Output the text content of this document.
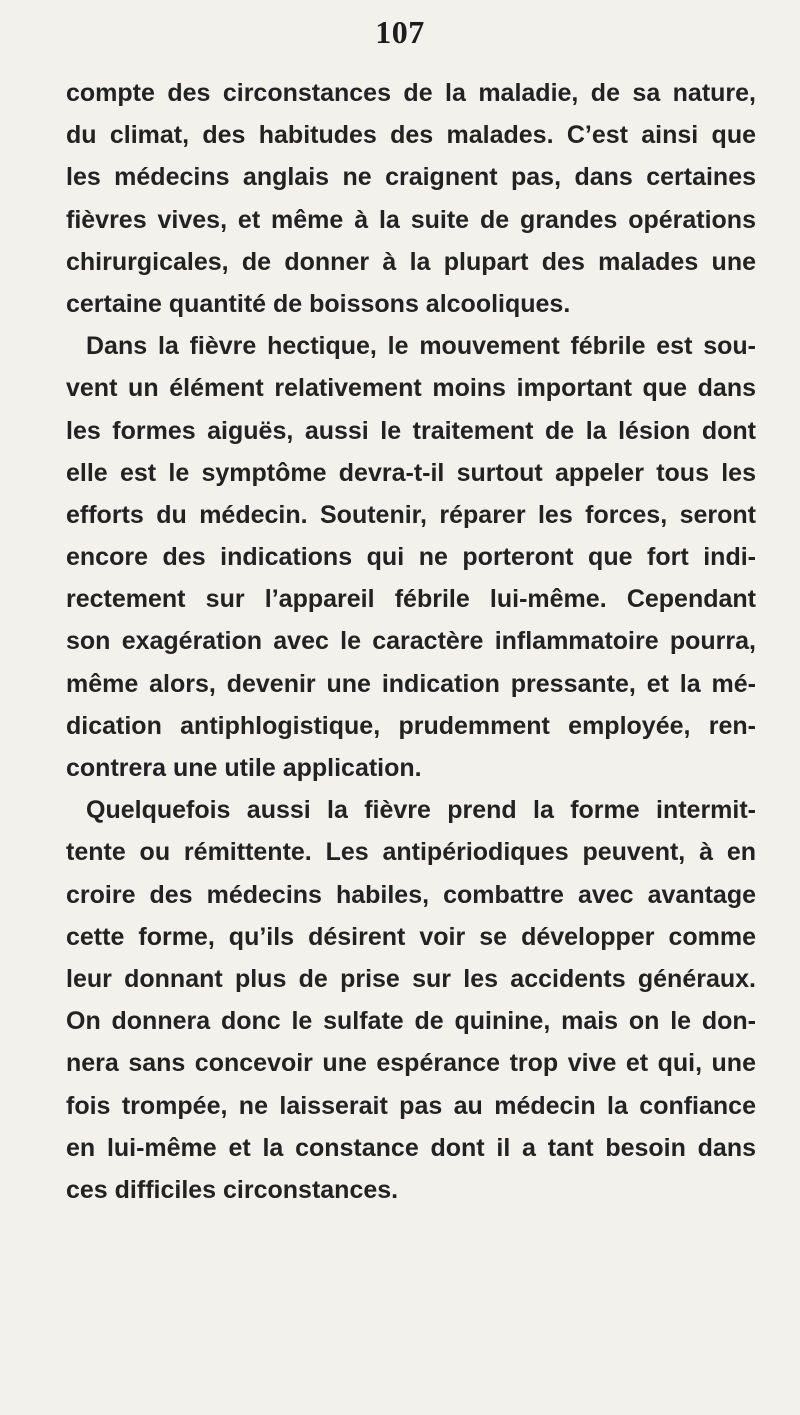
107
compte des circonstances de la maladie, de sa nature,
du climat, des habitudes des malades. C’est ainsi que
les médecins anglais ne craignent pas, dans certaines
fièvres vives, et même à la suite de grandes opérations
chirurgicales, de donner à la plupart des malades une
certaine quantité de boissons alcooliques.
Dans la fièvre hectique, le mouvement fébrile est sou-
vent un élément relativement moins important que dans
les formes aiguës, aussi le traitement de la lésion dont
elle est le symptôme devra-t-il surtout appeler tous les
efforts du médecin. Soutenir, réparer les forces, seront
encore des indications qui ne porteront que fort indi-
rectement sur l’appareil fébrile lui-même. Cependant
son exagération avec le caractère inflammatoire pourra,
même alors, devenir une indication pressante, et la mé-
dication antiphlogistique, prudemment employée, ren-
contrera une utile application.
Quelquefois aussi la fièvre prend la forme intermit-
tente ou rémittente. Les antipériodiques peuvent, à en
croire des médecins habiles, combattre avec avantage
cette forme, qu’ils désirent voir se développer comme
leur donnant plus de prise sur les accidents généraux.
On donnera donc le sulfate de quinine, mais on le don-
nera sans concevoir une espérance trop vive et qui, une
fois trompée, ne laisserait pas au médecin la confiance
en lui-même et la constance dont il a tant besoin dans
ces difficiles circonstances.
